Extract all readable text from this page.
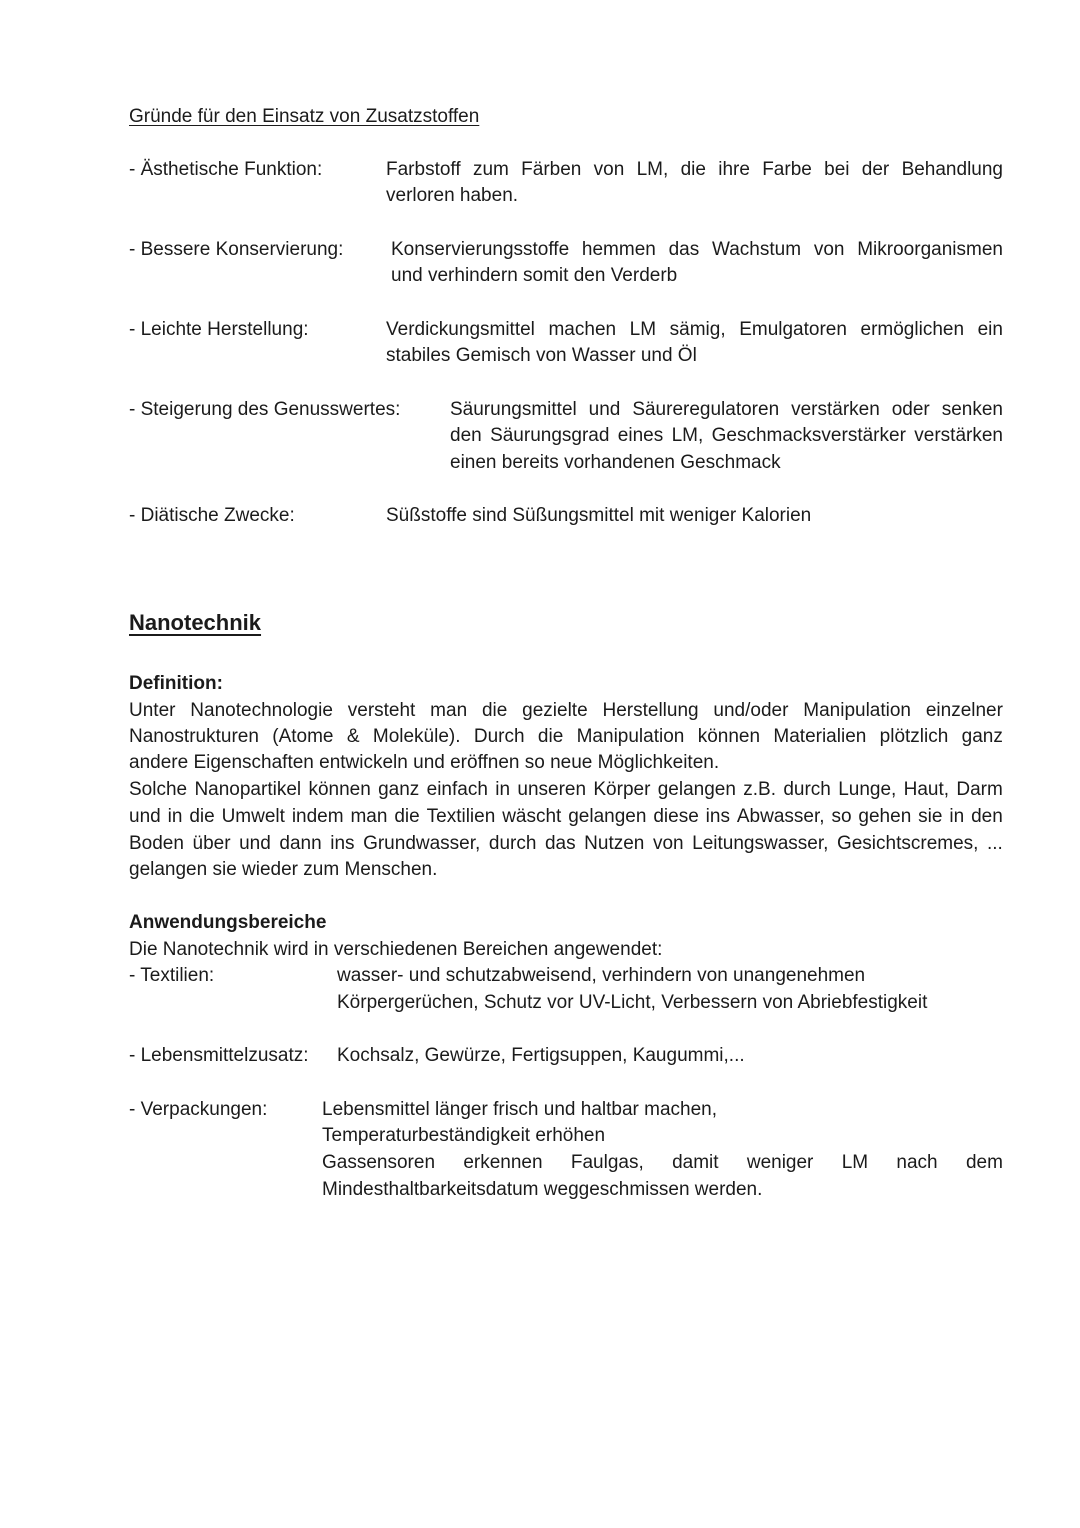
Gründe für den Einsatz von Zusatzstoffen
- Ästhetische Funktion:	Farbstoff zum Färben von LM, die ihre Farbe bei der Behandlung
verloren haben.
- Bessere Konservierung:	Konservierungsstoffe hemmen das Wachstum von Mikroorganismen
und verhindern somit den Verderb
- Leichte Herstellung:	Verdickungsmittel machen LM sämig, Emulgatoren ermöglichen ein
stabiles Gemisch von Wasser und Öl
- Steigerung des Genusswertes:	Säurungsmittel und Säureregulatoren verstärken oder senken
den Säurungsgrad eines LM, Geschmacksverstärker verstärken
einen bereits vorhandenen Geschmack
- Diätische Zwecke:	Süßstoffe sind Süßungsmittel mit weniger Kalorien
Nanotechnik
Definition:
Unter Nanotechnologie versteht man die gezielte Herstellung und/oder Manipulation einzelner
Nanostrukturen (Atome & Moleküle). Durch die Manipulation können Materialien plötzlich ganz
andere Eigenschaften entwickeln und eröffnen so neue Möglichkeiten.
Solche Nanopartikel können ganz einfach in unseren Körper gelangen z.B. durch Lunge, Haut, Darm
und in die Umwelt indem man die Textilien wäscht gelangen diese ins Abwasser, so gehen sie in den
Boden über und dann ins Grundwasser, durch das Nutzen von Leitungswasser, Gesichtscremes, ...
gelangen sie wieder zum Menschen.
Anwendungsbereiche
Die Nanotechnik wird in verschiedenen Bereichen angewendet:
- Textilien:	wasser- und schutzabweisend, verhindern von unangenehmen
Körpergerüchen, Schutz vor UV-Licht, Verbessern von Abriebfestigkeit
- Lebensmittelzusatz: Kochsalz, Gewürze, Fertigsuppen, Kaugummi,...
- Verpackungen:	Lebensmittel länger frisch und haltbar machen,
Temperaturbeständigkeit erhöhen
Gassensoren erkennen Faulgas, damit weniger LM nach dem
Mindesthaltbarkeitsdatum weggeschmissen werden.
